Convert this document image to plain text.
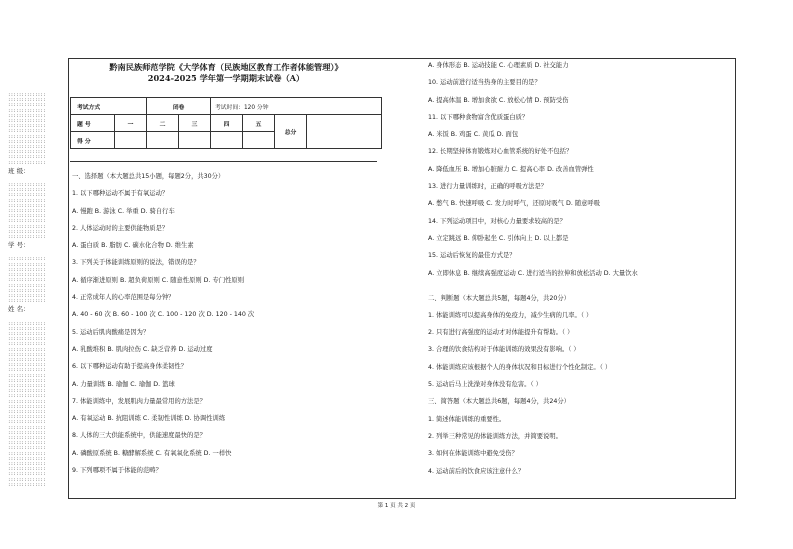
::::::::::::::
::::::::::::::
::::::::::::::
::::::::::::::
::::::::::::::
::::::::::::::
::::::::::::::
::::::::::::::
::::::::::::::
::::::::::::::
::::::::::::::
::::::::::::::
::::::::::::::
::::::::::::::
班 级：

::::::::::::::
::::::::::::::
::::::::::::::
::::::::::::::
::::::::::::::
::::::::::::::
::::::::::::::
::::::::::::::
::::::::::::::
::::::::::::::
::::::::::::::
学 号：

::::::::::::::
::::::::::::::
::::::::::::::
::::::::::::::
::::::::::::::
::::::::::::::
::::::::::::::
::::::::::::::
::::::::::::::
姓 名：

::::::::::::::
::::::::::::::
::::::::::::::
::::::::::::::
::::::::::::::
::::::::::::::
::::::::::::::
::::::::::::::
::::::::::::::
::::::::::::::
::::::::::::::
::::::::::::::
::::::::::::::
::::::::::::::
::::::::::::::
::::::::::::::
::::::::::::::
::::::::::::::
::::::::::::::
::::::::::::::
::::::::::::::
::::::::::::::
::::::::::::::
::::::::::::::
::::::::::::::
::::::::::::::
::::::::::::::
::::::::::::::
::::::::::::::
::::::::::::::
::::::::::::::
::::::::::::::
黔南民族师范学院《大学体育（民族地区教育工作者体能管理）》
2024-2025 学年第一学期期末试卷（A）
考试方式		闭卷		考试时间：120 分钟			
题 号	一	二	三	四	五	总分	
得 分							
一、选择题（本大题总共15小题，每题2分，共30分）
1. 以下哪种运动不属于有氧运动？
A. 慢跑 B. 游泳 C. 举重 D. 骑自行车
2. 人体运动时的主要供能物质是？
A. 蛋白质 B. 脂肪 C. 碳水化合物 D. 维生素
3. 下列关于体能训练原则的说法，错误的是？
A. 循序渐进原则 B. 超负荷原则 C. 随意性原则 D. 专门性原则
4. 正常成年人的心率范围是每分钟？
A. 40 - 60 次 B. 60 - 100 次 C. 100 - 120 次 D. 120 - 140 次
5. 运动后肌肉酸痛是因为？
A. 乳酸堆积 B. 肌肉拉伤 C. 缺乏营养 D. 运动过度
6. 以下哪种运动有助于提高身体柔韧性？
A. 力量训练 B. 瑜伽 C. 瑜伽 D. 篮球
7. 体能训练中，发展肌肉力量最常用的方法是？
A. 有氧运动 B. 抗阻训练 C. 柔韧性训练 D. 协调性训练
8. 人体的三大供能系统中，供能速度最快的是？
A. 磷酸原系统 B. 糖酵解系统 C. 有氧氧化系统 D. 一样快
9. 下列哪项不属于体能的范畴？
A. 身体形态 B. 运动技能 C. 心理素质 D. 社交能力
10. 运动前进行适当热身的主要目的是？
A. 提高体温 B. 增加食欲 C. 放松心情 D. 预防受伤
11. 以下哪种食物富含优质蛋白质？
A. 米饭 B. 鸡蛋 C. 黄瓜 D. 面包
12. 长期坚持体育锻炼对心血管系统的好处不包括？
A. 降低血压 B. 增加心脏耐力 C. 提高心率 D. 改善血管弹性
13. 进行力量训练时，正确的呼吸方法是？
A. 憋气 B. 快速呼吸 C. 发力时呼气，还原时吸气 D. 随意呼吸
14. 下列运动项目中，对核心力量要求较高的是？
A. 立定跳远 B. 仰卧起坐 C. 引体向上 D. 以上都是
15. 运动后恢复的最佳方式是？
A. 立即休息 B. 继续高强度运动 C. 进行适当的拉伸和放松活动 D. 大量饮水
二、判断题（本大题总共5题，每题4分，共20分）
1. 体能训练可以提高身体的免疫力，减少生病的几率。（ ）
2. 只有进行高强度的运动才对体能提升有帮助。（ ）
3. 合理的饮食结构对于体能训练的效果没有影响。（ ）
4. 体能训练应该根据个人的身体状况和目标进行个性化制定。（ ）
5. 运动后马上洗澡对身体没有危害。（ ）
三、简答题（本大题总共6题，每题4分，共24分）
1. 简述体能训练的重要性。
2. 列举三种常见的体能训练方法，并简要说明。
3. 如何在体能训练中避免受伤？
4. 运动前后的饮食应该注意什么？
第 1 页 共 2 页
